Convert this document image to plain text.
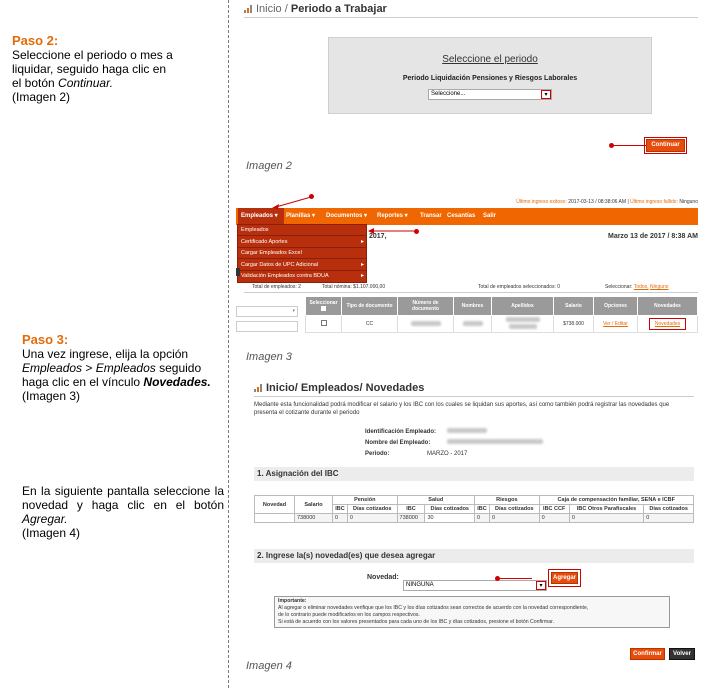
Paso 2:
Seleccione el periodo o mes a
liquidar, seguido haga clic en
el botón Continuar.
(Imagen 2)
Paso 3:
Una vez ingrese, elija la opción
Empleados > Empleados seguido
haga clic en el vínculo Novedades.
(Imagen 3)
En la siguiente pantalla seleccione la
novedad y haga clic en el botón
Agregar.
(Imagen 4)
Inicio / Periodo a Trabajar
Seleccione el periodo
Periodo Liquidación Pensiones y Riesgos Laborales
Seleccione...	▾
Continuar
Imagen 2
Último ingreso exitoso: 2017-03-13 / 08:38:06 AM | Último ingreso fallido: Ninguno
Empleados ▾	Planillas ▾ Documentos ▾ Reportes ▾ Transar Cesantías Salir
Empleados
Certificado Aportes
Cargar Empleados Excel
Cargar Datos de UPC Adicional
Validación Empleados contra BDUA
▸
▸
▸
2017,	Marzo 13 de 2017 / 8:38 AM
Total de empleados: 2	Total nómina: $1.107.000,00	Total de empleados seleccionados: 0	Seleccionar: Todos, Ninguno
▾
Seleccionar	Tipo de documento	Número de documento	Nombres	Apellidos	Salario	Opciones	Novedades
	CC				$738.000	Ver / Editar	Novedades
Imagen 3
Inicio/ Empleados/ Novedades
Mediante esta funcionalidad podrá modificar el salario y los IBC con los cuales se liquidan sus aportes, así como también podrá registrar las novedades que presenta el cotizante durante el periodo
Identificación Empleado:
Nombre del Empleado:
Periodo:	MARZO - 2017
1. Asignación del IBC
Novedad	Salario	Pensión		Salud		Riesgos		Caja de compensación familiar, SENA e ICBF		
		IBC	Días cotizados	IBC	Días cotizados	IBC	Días cotizados	IBC CCF	IBC Otros Parafiscales	Días cotizados
	738000	0	0	738000	30	0	0	0	0	0
2. Ingrese la(s) novedad(es) que desea agregar
Novedad:
NINGUNA	▾
Agregar
Importante:
Al agregar o eliminar novedades verifique que los IBC y los días cotizados sean correctos de acuerdo con la novedad correspondiente,
de lo contrario puede modificarlos en los campos respectivos.
Si está de acuerdo con los valores presentados para cada uno de los IBC y días cotizados, presione el botón Confirmar.
Confirmar	Volver
Imagen 4
